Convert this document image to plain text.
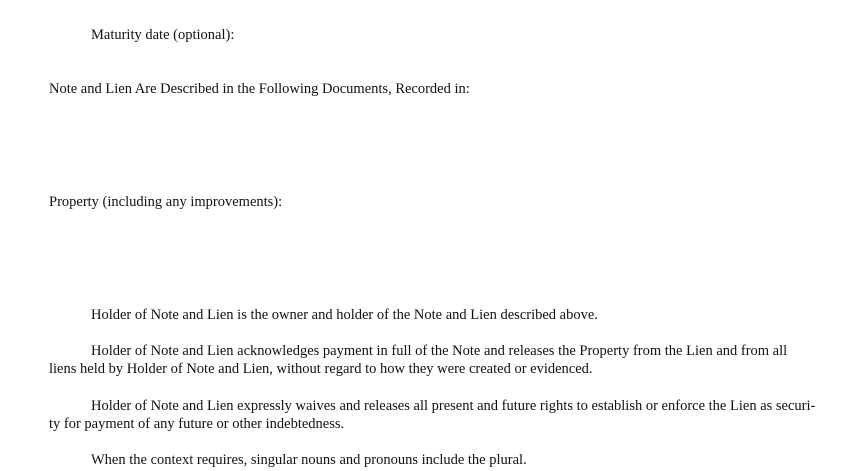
Maturity date (optional):

Note and Lien Are Described in the Following Documents, Recorded in:

Property (including any improvements):

Holder of Note and Lien is the owner and holder of the Note and Lien described above.

Holder of Note and Lien acknowledges payment in full of the Note and releases the Property from the Lien and from all

liens held by Holder of Note and Lien, without regard to how they were created or evidenced.

Holder of Note and Lien expressly waives and releases all present and future rights to establish or enforce the Lien as securi-

ty for payment of any future or other indebtedness.

When the context requires, singular nouns and pronouns include the plural.
